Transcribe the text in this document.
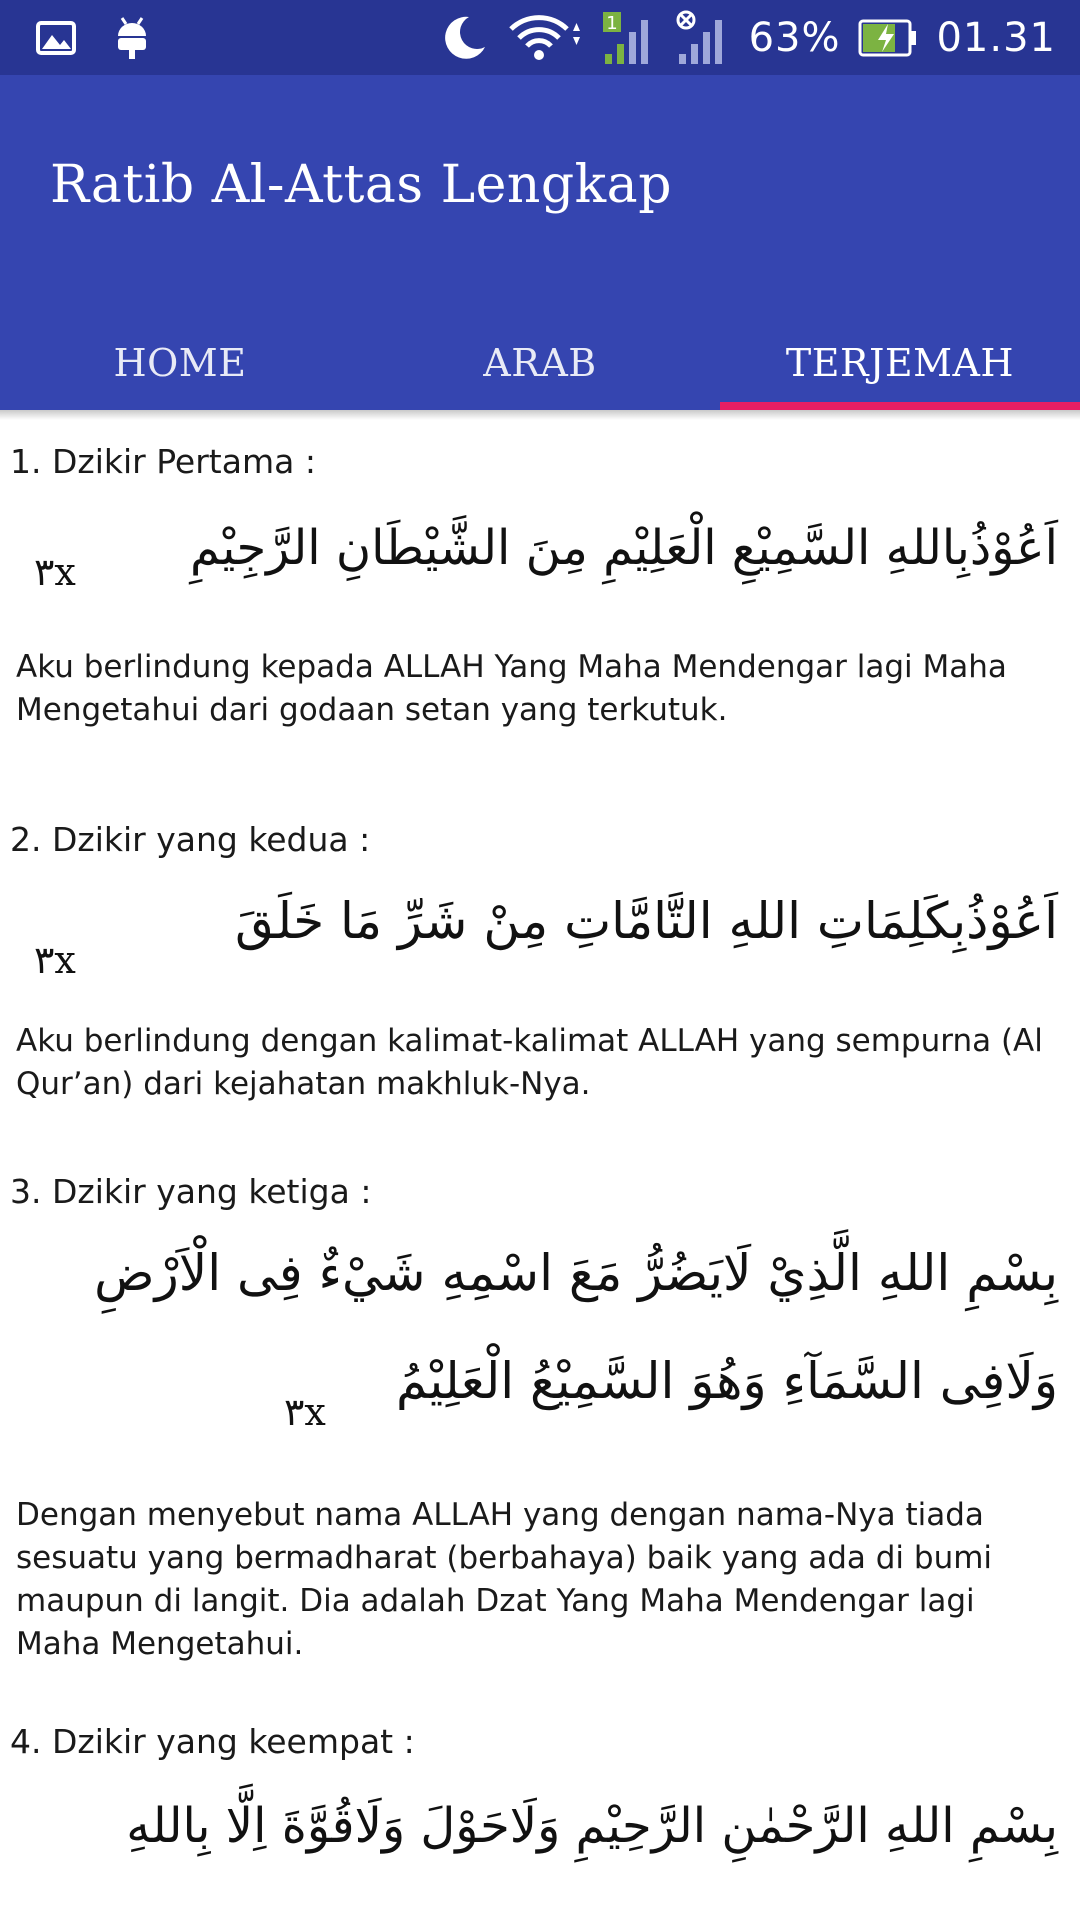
1	63% 01.31
Ratib Al-Attas Lengkap
HOME	ARAB	TERJEMAH
1. Dzikir Pertama :
اَعُوْذُبِاللهِ السَّمِيْعِ الْعَلِيْمِ مِنَ الشَّيْطَانِ الرَّجِيْمِ
٣x
Aku berlindung kepada ALLAH Yang Maha Mendengar lagi Maha Mengetahui dari godaan setan yang terkutuk.
2. Dzikir yang kedua :
اَعُوْذُبِكَلِمَاتِ اللهِ التَّامَّاتِ مِنْ شَرِّ مَا خَلَقَ
٣x
Aku berlindung dengan kalimat-kalimat ALLAH yang sempurna (Al Qur’an) dari kejahatan makhluk-Nya.
3. Dzikir yang ketiga :
بِسْمِ اللهِ الَّذِيْ لَايَضُرُّ مَعَ اسْمِهِ شَيْءٌ فِى الْاَرْضِ
وَلَافِى السَّمَآءِ وَهُوَ السَّمِيْعُ الْعَلِيْمُ
٣x
Dengan menyebut nama ALLAH yang dengan nama-Nya tiada sesuatu yang bermadharat (berbahaya) baik yang ada di bumi maupun di langit. Dia adalah Dzat Yang Maha Mendengar lagi Maha Mengetahui.
4. Dzikir yang keempat :
بِسْمِ اللهِ الرَّحْمٰنِ الرَّحِيْمِ وَلَاحَوْلَ وَلَاقُوَّةَ اِلَّا بِاللهِ
